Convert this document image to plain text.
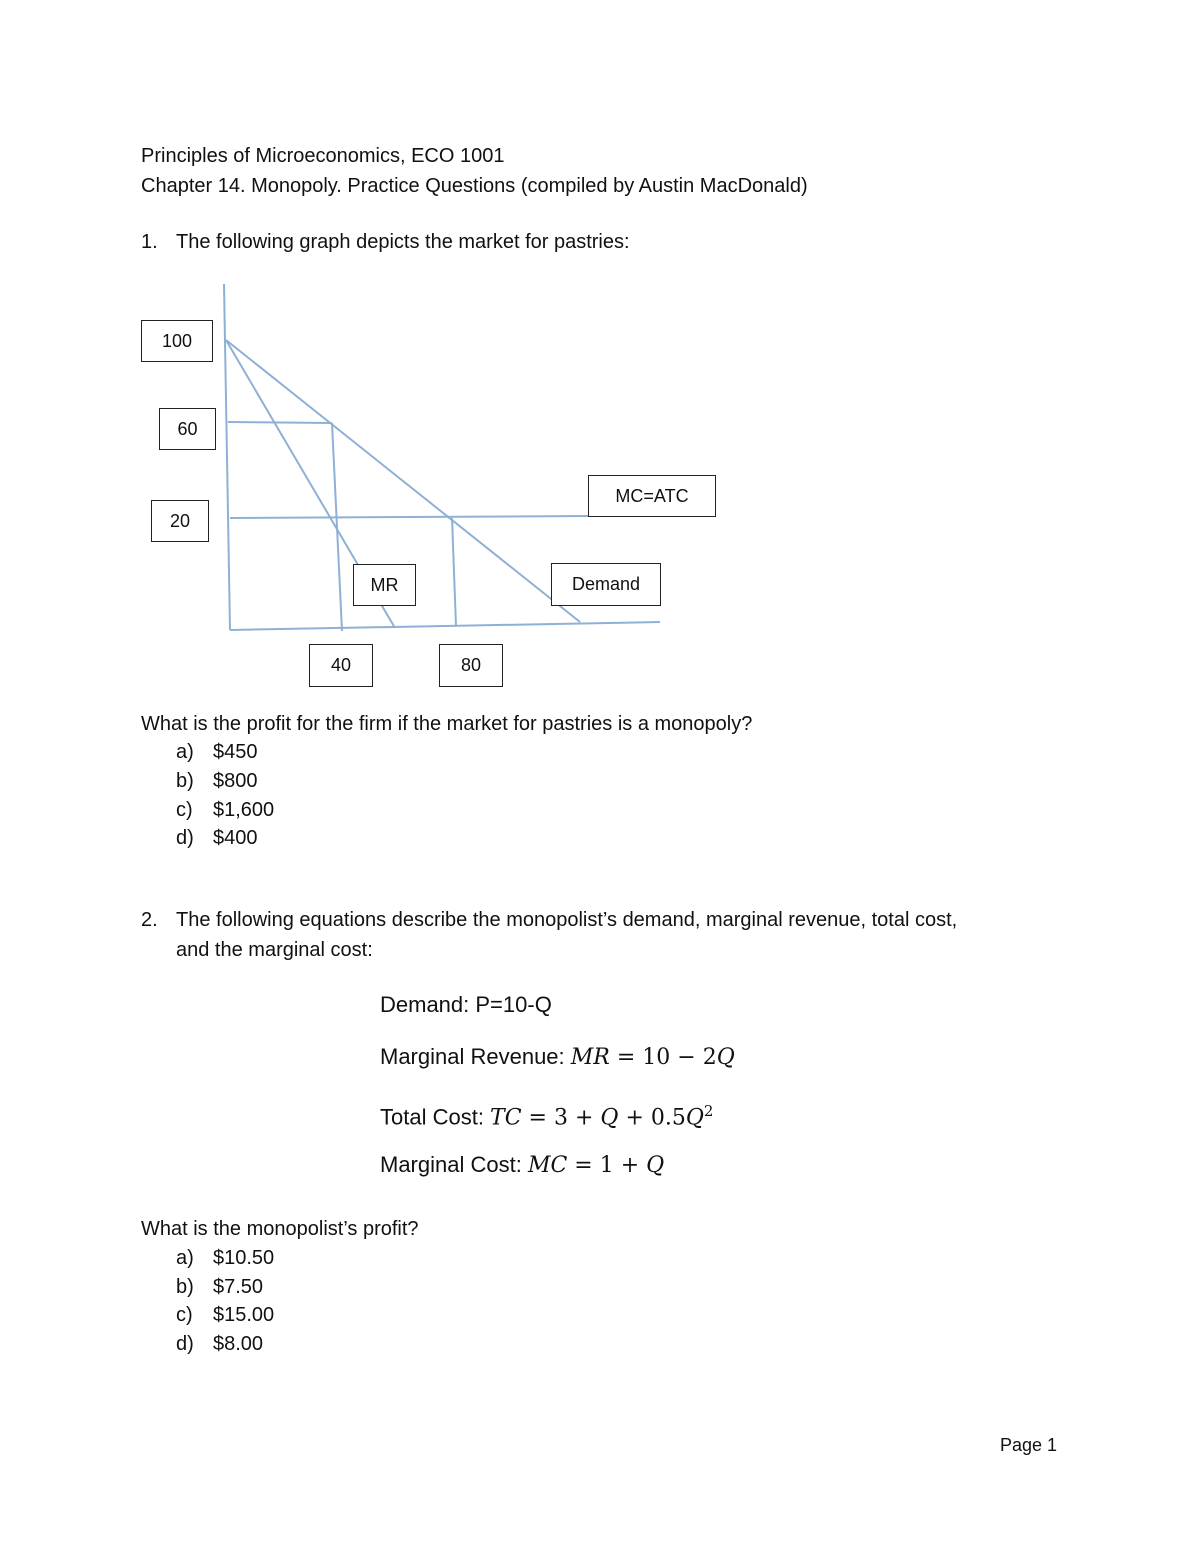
Principles of Microeconomics, ECO 1001
Chapter 14. Monopoly. Practice Questions (compiled by Austin MacDonald)
1. The following graph depicts the market for pastries:
100
60
20
MC=ATC
MR	Demand
40	80
What is the profit for the firm if the market for pastries is a monopoly?
a) $450
b) $800
c) $1,600
d) $400
2. The following equations describe the monopolist’s demand, marginal revenue, total cost,
and the marginal cost:
Demand: P=10-Q
Marginal Revenue: MR = 10 − 2Q
Total Cost: TC = $3 + Q + 0.5Q^2$
Marginal Cost: MC = 1 + Q
What is the monopolist’s profit?
a) $10.50
b) $7.50
c) $15.00
d) $8.00
Page 1
